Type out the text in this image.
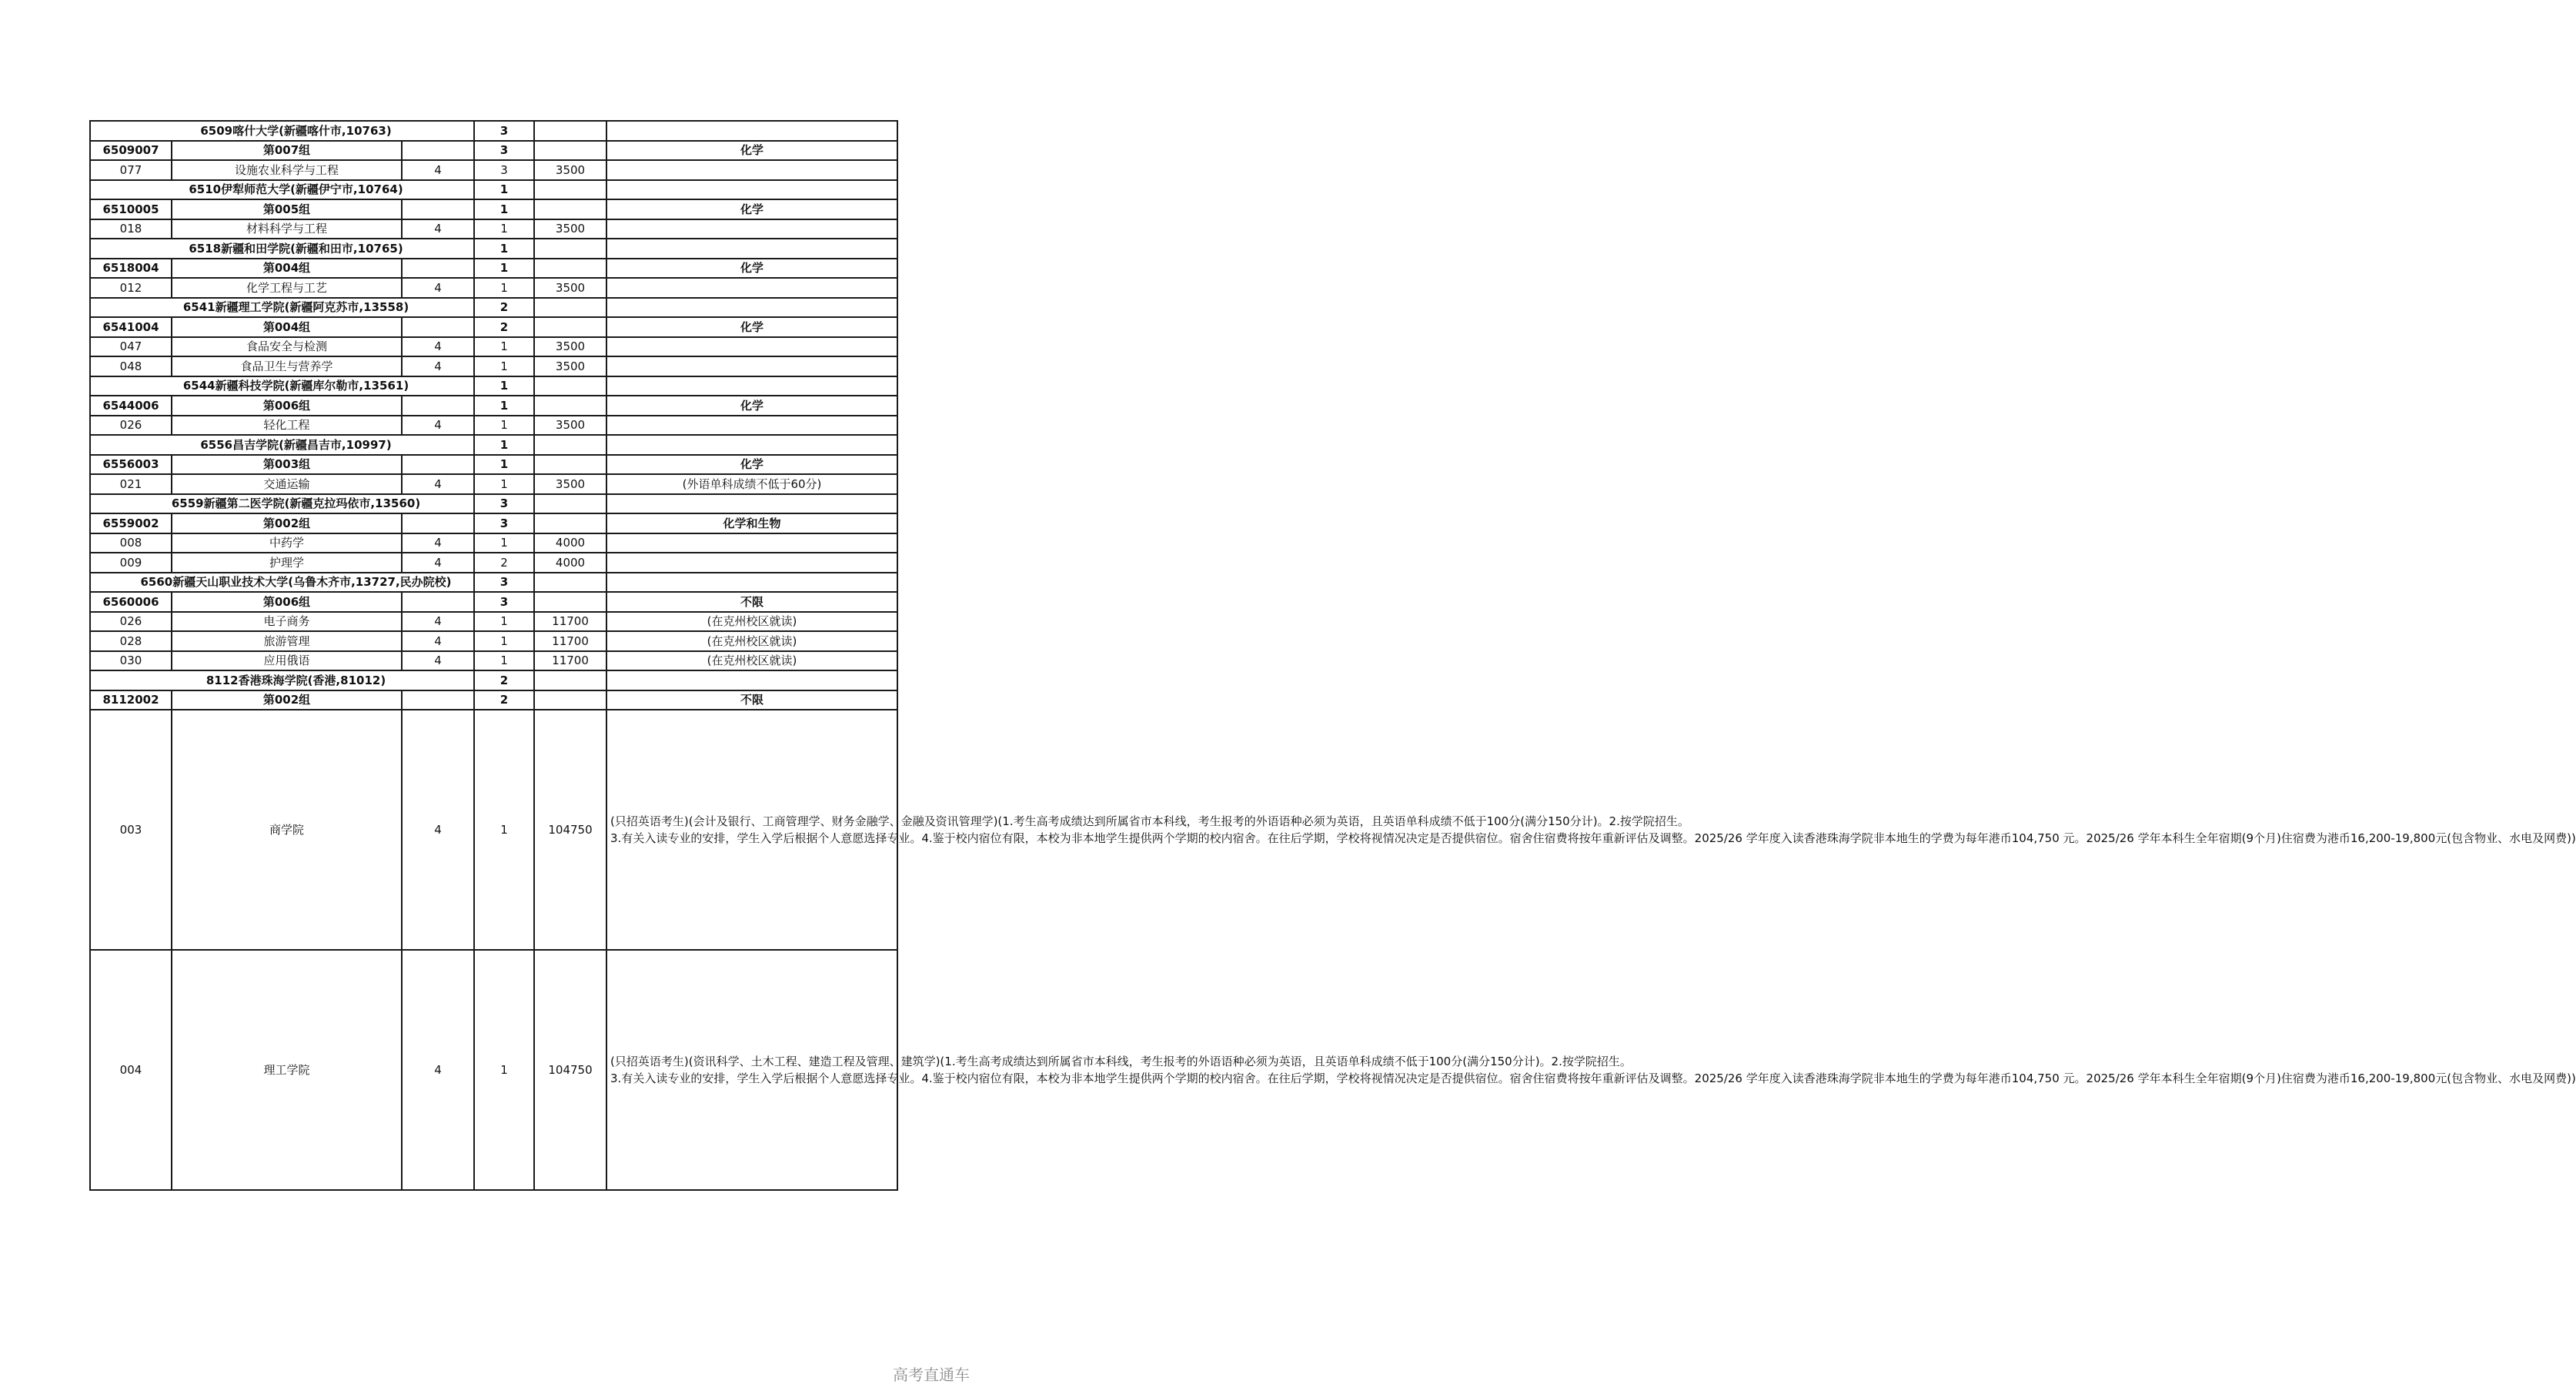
6509喀什大学(新疆喀什市,10763)			3		
6509007	第007组		3		化学
077	设施农业科学与工程	4	3	3500	
6510伊犁师范大学(新疆伊宁市,10764)			1		
6510005	第005组		1		化学
018	材料科学与工程	4	1	3500	
6518新疆和田学院(新疆和田市,10765)			1		
6518004	第004组		1		化学
012	化学工程与工艺	4	1	3500	
6541新疆理工学院(新疆阿克苏市,13558)			2		
6541004	第004组		2		化学
047	食品安全与检测	4	1	3500	
048	食品卫生与营养学	4	1	3500	
6544新疆科技学院(新疆库尔勒市,13561)			1		
6544006	第006组		1		化学
026	轻化工程	4	1	3500	
6556昌吉学院(新疆昌吉市,10997)			1		
6556003	第003组		1		化学
021	交通运输	4	1	3500	(外语单科成绩不低于60分)
6559新疆第二医学院(新疆克拉玛依市,13560)			3		
6559002	第002组		3		化学和生物
008	中药学	4	1	4000	
009	护理学	4	2	4000	
6560新疆天山职业技术大学(乌鲁木齐市,13727,民办院校)			3		
6560006	第006组		3		不限
026	电子商务	4	1	11700	(在克州校区就读)
028	旅游管理	4	1	11700	(在克州校区就读)
030	应用俄语	4	1	11700	(在克州校区就读)
8112香港珠海学院(香港,81012)			2		
8112002	第002组		2		不限
003	商学院	4	1	104750	(只招英语考生)(会计及银行、工商管理学、财务金融学、金融及资讯管理学)(1.考生高考成绩达到所属省市本科线，考生报考的外语语种必须为英语，且英语单科成绩不低于100分(满分150分计)。2.按学院招生。
3.有关入读专业的安排，学生入学后根据个人意愿选择专业。4.鉴于校内宿位有限，本校为非本地学生提供两个学期的校内宿舍。在往后学期，学校将视情况决定是否提供宿位。宿舍住宿费将按年重新评估及调整。2025/26 学年度入读香港珠海学院非本地生的学费为每年港币104,750 元。2025/26 学年本科生全年宿期(9个月)住宿费为港币16,200-19,800元(包含物业、水电及网费))

004	理工学院	4	1	104750	(只招英语考生)(资讯科学、土木工程、建造工程及管理、建筑学)(1.考生高考成绩达到所属省市本科线，考生报考的外语语种必须为英语，且英语单科成绩不低于100分(满分150分计)。2.按学院招生。
3.有关入读专业的安排，学生入学后根据个人意愿选择专业。4.鉴于校内宿位有限，本校为非本地学生提供两个学期的校内宿舍。在往后学期，学校将视情况决定是否提供宿位。宿舍住宿费将按年重新评估及调整。2025/26 学年度入读香港珠海学院非本地生的学费为每年港币104,750 元。2025/26 学年本科生全年宿期(9个月)住宿费为港币16,200-19,800元(包含物业、水电及网费))
高考直通车
